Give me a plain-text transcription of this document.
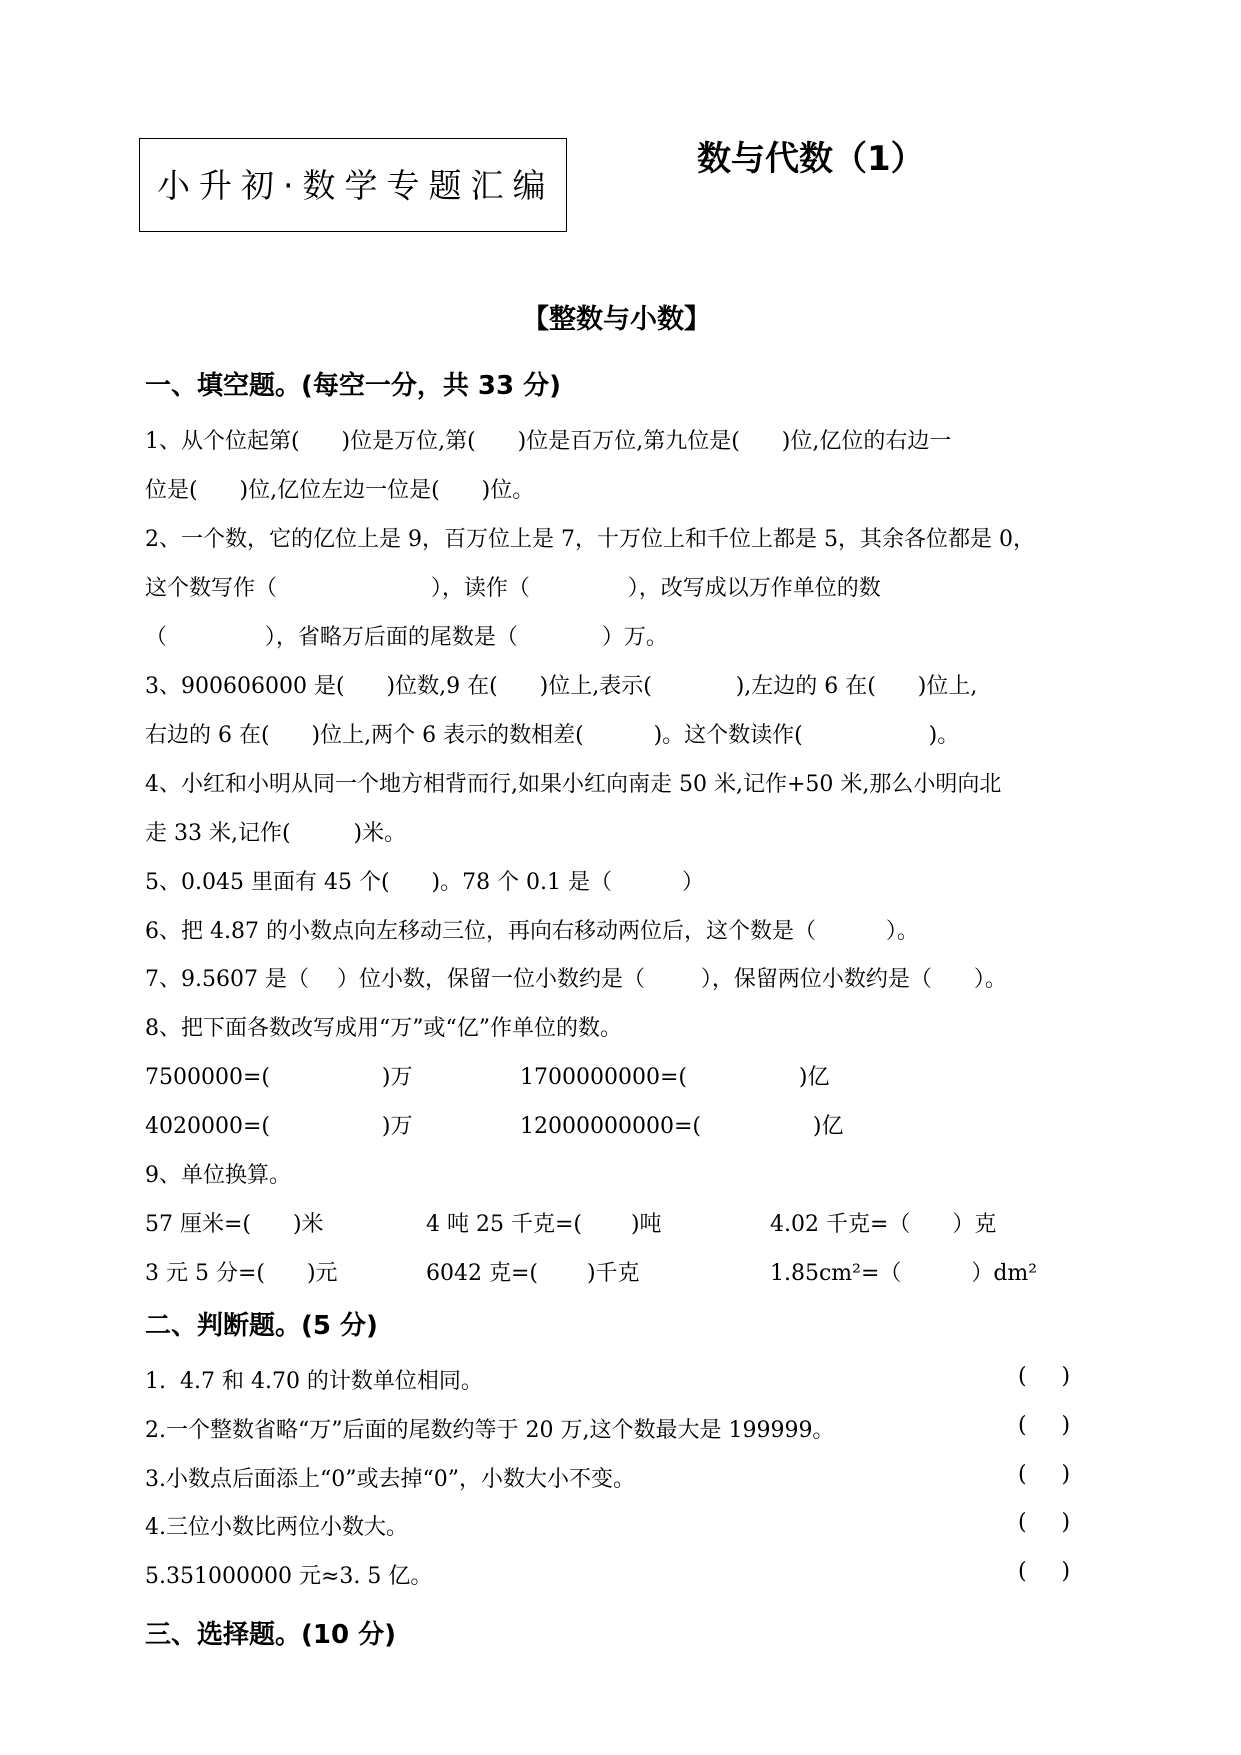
小升初·数学专题汇编
数与代数（1）
【整数与小数】
一、填空题。(每空一分，共 33 分)
1、从个位起第(      )位是万位,第(      )位是百万位,第九位是(      )位,亿位的右边一
位是(      )位,亿位左边一位是(      )位。
2、一个数，它的亿位上是 9，百万位上是 7，十万位上和千位上都是 5，其余各位都是 0，
这个数写作（                      ），读作（              ），改写成以万作单位的数
（              ），省略万后面的尾数是（            ）万。
3、900606000 是(      )位数,9 在(      )位上,表示(            ),左边的 6 在(      )位上,
右边的 6 在(      )位上,两个 6 表示的数相差(          )。这个数读作(                  )。
4、小红和小明从同一个地方相背而行,如果小红向南走 50 米,记作+50 米,那么小明向北
走 33 米,记作(         )米。
5、0.045 里面有 45 个(      )。78 个 0.1 是（          ）
6、把 4.87 的小数点向左移动三位，再向右移动两位后，这个数是（          ）。
7、9.5607 是（    ）位小数，保留一位小数约是（        ），保留两位小数约是（      ）。
8、把下面各数改写成用“万”或“亿”作单位的数。
7500000=(                )万	1700000000=(                )亿
4020000=(                )万	12000000000=(                )亿
9、单位换算。
57 厘米=(      )米	4 吨 25 千克=(       )吨	4.02 千克=（      ）克
3 元 5 分=(      )元	6042 克=(       )千克	1.85cm²=（          ）dm²
二、判断题。(5 分)
1.  4.7 和 4.70 的计数单位相同。	(     )
2.一个整数省略“万”后面的尾数约等于 20 万,这个数最大是 199999。	(     )
3.小数点后面添上“0”或去掉“0”，小数大小不变。	(     )
4.三位小数比两位小数大。	(     )
5.351000000 元≈3. 5 亿。	(     )
三、选择题。(10 分)
